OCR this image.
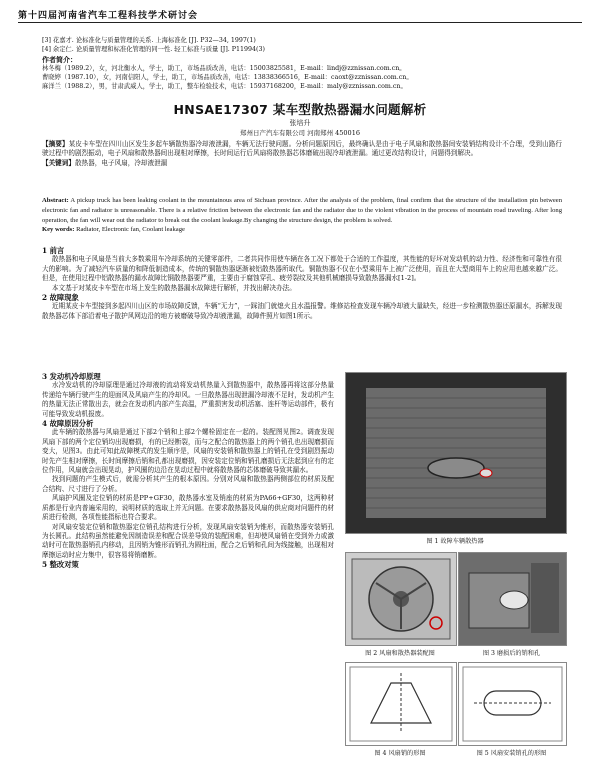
第十四届河南省汽车工程科技学术研讨会
[3] 花嘉才. 论标准化与质量管理的关系. 上海标准化 [J]. P32—34, 1997(1)
[4] 余定仁. 论质量管理和标准化管理的同一性. 轻工标准与质量 [J]. P11994(3)
作者简介：
林冬梅（1989.2），女，河北衡水人，学士，助工，市场品质改善，电话：15003825581，E-mail：lindj@zznissan.com.cn。
曹晓婷（1987.10），女，河南信阳人，学士，助工，市场品质改善，电话：13838366516，E-mail：caoxt@zznissan.com.cn。
麻洋兰（1988.2），男，甘肃武威人，学士，助工，整车检验技术，电话：15937168200，E-mail：maly@zznissan.com.cn。
HNSAE17307 某车型散热器漏水问题解析
张培升
郑州日产汽车有限公司 河南郑州 450016
【摘要】某皮卡车型在四川山区发生多起车辆散热器冷却液泄漏，车辆无法行驶问题。分析问题原因后，最终确认是由于电子风扇和散热器间安装销结构设计不合理，受到山路行驶过程中的剧烈振动，电子风扇和散热器间出现相对摩擦，长时间运行后风扇将散热器芯体磨破出现冷却液泄漏。通过更改结构设计，问题得到解决。
【关键词】散热器，电子风扇，冷却液泄漏
Abstract: A pickup truck has been leaking coolant in the mountainous area of Sichuan province. After the analysis of the problem, final confirm that the structure of the installation pin between electronic fan and radiator is unreasonable. There is a relative friction between the electronic fan and the radiator due to the violent vibration in the process of mountain road traveling. After long operation, the fan will wear out the radiator to break out the coolant leakage.By changing the structure design, the problem is solved.
Key words: Radiator, Electronic fan, Coolant leakage
1 前言
散热器和电子风扇是当前大多数乘用车冷却系统的关键零部件，二者共同作用使车辆在各工况下都处于合适的工作温度，其性能的好坏对发动机的动力性、经济性和可靠性有很大的影响。为了减轻汽车质量的和降低制造成本，传统的铜散热器逐渐被铝散热器所取代。铜散热器不仅在小型乘用车上被广泛使用，而且在大型商用车上的应用也越来越广泛。但是，在使用过程中铝散热器的漏水故障比铜散热器要严重，主要由于腐蚀穿孔、疲劳裂纹及其他机械磨损导致散热器漏水[1-2]。
本文基于对某皮卡车型在市场上发生的散热器漏水故障进行解析，并找出解决办法。
2 故障现象
近期某皮卡车型接到多起四川山区的市场故障反馈，车辆“无力”，一踩油门就熄火且水温报警。维修站检查发现车辆冷却液大量缺失，经进一步检测散热器还原漏水，拆解发现散热器芯体下部沿着电子散护风网边沿的地方被磨破导致冷却液泄漏，故障件照片如图1所示。
3 发动机冷却原理

水冷发动机的冷却原理是通过冷却液的流动将发动机热量入到散热器中，散热器再将这部分热量传递给车辆行驶产生的迎面风及风扇产生的冷却风。一旦散热器出现泄漏冷却液不足时，发动机产生的热量无法正常散出去，就会在发动机内部产生高温，严重损害发动机活塞、连杆等运动部件，极有可能导致发动机报废。

4 故障原因分析

此车辆的散热器与风扇是通过下部2个销和上部2个螺栓固定在一起的。装配图见图2。调查发现风扇下部的两个定位销均出现磨损，有的已经断裂，而与之配合的散热器上的两个销孔也出现磨损而变大，见图3。由此可知此故障模式的发生顺序是，风扇的安装销和散热器上的销孔在受到剧烈振动时先产生相对摩擦，长时间摩擦后销和孔都出现磨损，因安装定位销和销孔磨损后无法起到应有的定位作用，风扇就会出现晃动，护风圈的边沿在晃动过程中就将散热器的芯体磨破导致其漏水。

找到问题的产生模式后，就需分析其产生的根本原因。分别对风扇和散热器两侧部位的材质及配合结构、尺寸进行了分析。

风扇护风圈及定位销的材质是PP+GF30，散热器水室及销座的材质为PA66+GF30，这两种材质都是行业内普遍采用的，说明材质的选取上并无问题。在要求散热器及风扇的供应商对问题件的材质进行检测，各项性能指标也符合要求。

对风扇安装定位销和散热器定位销孔结构进行分析，发现风扇安装销为锥形，而散热器安装销孔为长圆孔。此结构虽然能避免因制造误差和配合误差导致的装配困难，但却使风扇销在受到外力或激动时可在散热器销孔内移动，且因销为锥形而销孔为圆柱面，配合之后销和孔间为线接触，出现相对摩擦运动时应力集中，很容易将销磨断。

5 整改对策
图 1 故障车辆散热器
图 2 风扇和散热器装配图	图 3 磨损后的销和孔
图 4 风扇销的形图	图 5 风扇安装销孔的形图
